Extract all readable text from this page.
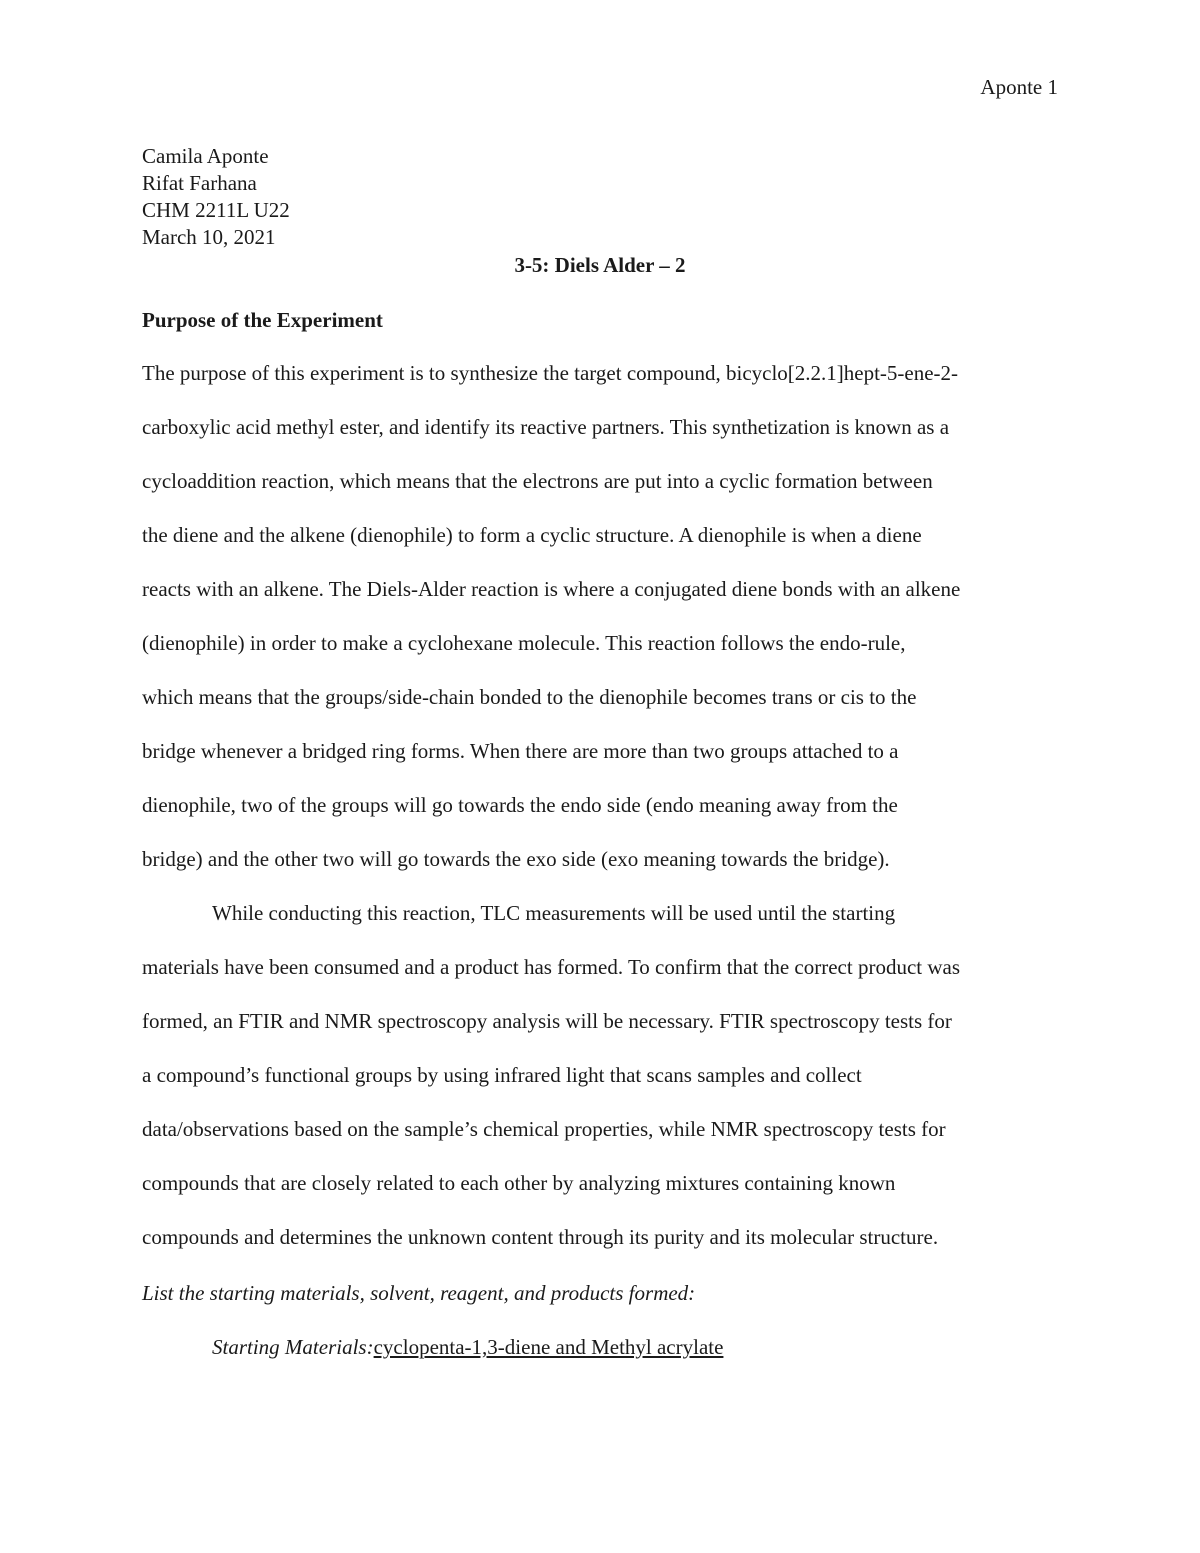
Aponte 1
Camila Aponte
Rifat Farhana
CHM 2211L U22
March 10, 2021
3-5: Diels Alder – 2
Purpose of the Experiment
The purpose of this experiment is to synthesize the target compound, bicyclo[2.2.1]hept-5-ene-2-
carboxylic acid methyl ester, and identify its reactive partners. This synthetization is known as a
cycloaddition reaction, which means that the electrons are put into a cyclic formation between
the diene and the alkene (dienophile) to form a cyclic structure. A dienophile is when a diene
reacts with an alkene. The Diels-Alder reaction is where a conjugated diene bonds with an alkene
(dienophile) in order to make a cyclohexane molecule. This reaction follows the endo-rule,
which means that the groups/side-chain bonded to the dienophile becomes trans or cis to the
bridge whenever a bridged ring forms. When there are more than two groups attached to a
dienophile, two of the groups will go towards the endo side (endo meaning away from the
bridge) and the other two will go towards the exo side (exo meaning towards the bridge).
While conducting this reaction, TLC measurements will be used until the starting
materials have been consumed and a product has formed. To confirm that the correct product was
formed, an FTIR and NMR spectroscopy analysis will be necessary. FTIR spectroscopy tests for
a compound’s functional groups by using infrared light that scans samples and collect
data/observations based on the sample’s chemical properties, while NMR spectroscopy tests for
compounds that are closely related to each other by analyzing mixtures containing known
compounds and determines the unknown content through its purity and its molecular structure.
List the starting materials, solvent, reagent, and products formed:
Starting Materials:cyclopenta-1,3-diene and Methyl acrylate
